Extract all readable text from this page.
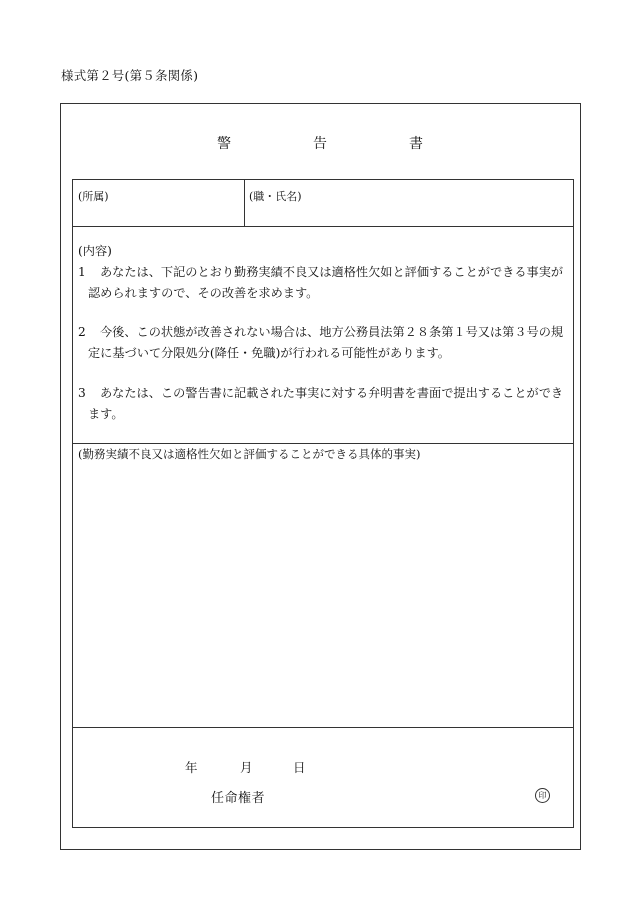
様式第２号(第５条関係)
警	告	書
(所属)	(職・氏名)
(内容)
1	あなたは、下記のとおり勤務実績不良又は適格性欠如と評価することができる事実が
認められますので、その改善を求めます。
2	今後、この状態が改善されない場合は、地方公務員法第２８条第１号又は第３号の規
定に基づいて分限処分(降任・免職)が行われる可能性があります。
3	あなたは、この警告書に記載された事実に対する弁明書を書面で提出することができ
ます。
(勤務実績不良又は適格性欠如と評価することができる具体的事実)
年	月	日
任命権者	印
